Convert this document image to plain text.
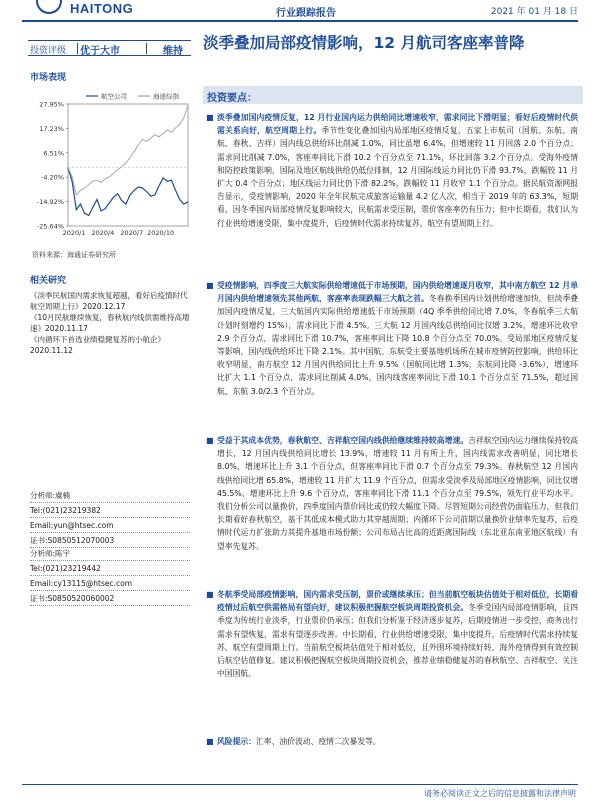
HAITONG	行业跟踪报告	2021 年 01 月 18 日
投资评级 优于大市	维持
市场表现
27.95%
17.23%
6.51%
-4.20%
-14.92%
-25.64%
2020/1 2020/4 2020/7 2020/10
航空公司	海通综指
资料来源：海通证券研究所
相关研究
《淡季民航国内需求恢复超越，看好后疫情时代航空周期上行》2020.12.17
《10月民航继续恢复，春秋航内线供需维持高增速》2020.11.17
《内循环下首选业绩稳健复苏的小航企》2020.11.12
分析师:虞楠
Tel:(021)23219382
Email:yun@htsec.com
证书:S0850512070003
分析师:陈宇
Tel:(021)23219442
Email:cy13115@htsec.com
证书:S0850520060002
淡季叠加局部疫情影响，12 月航司客座率普降
投资要点：
■ 淡季叠加国内疫情反复，12 月行业国内运力供给同比增速收窄，需求同比下滑明显；看好后疫情时代供需关系向好，航空周期上行。季节性变化叠加国内局部地区疫情反复，五家上市航司（国航、东航、南航、春秋、吉祥）国内线总供给环比削减 1.0%，同比虽增 6.4%，但增速较 11 月回落 2.0 个百分点；需求同比削减 7.0%，客座率同比下滑 10.2 个百分点至 71.1%，环比回落 3.2 个百分点。受海外疫情和防控政策影响，国际及地区航线供给仍低位徘徊，12 月国际线运力同比仍下滑 93.7%，跌幅较 11 月扩大 0.4 个百分点；地区线运力同比仍下滑 82.2%，跌幅较 11 月收窄 1.1 个百分点。据民航资源网报告显示，受疫情影响，2020 年全年民航完成旅客运输量 4.2 亿人次，相当于 2019 年的 63.3%，短期看，因冬季国内局部疫情反复影响较大，民航需求受压制，票价客座率仍有压力；但中长期看，我们认为行业供给增速受限，集中度提升，后疫情时代需求持续复苏，航空有望周期上行。
■ 受疫情影响，四季度三大航实际供给增速低于市场预期，国内供给增速逐月收窄，其中南方航空 12 月单月国内供给增速领先其他两航，客座率表现跌幅三大航之首。冬春换季国内计划供给增速加快，但淡季叠加国内疫情反复，三大航国内实际供给增速低于市场预期（4Q 季季供给同比增 7.0%，冬春航季三大航计划时刻增约 15%），需求同比下滑 4.5%。三大航 12 月国内线总供给同比仅增 3.2%，增速环比收窄 2.9 个百分点，需求同比下滑 10.7%，客座率同比下降 10.8 个百分点至 70.0%。受局部地区疫情反复等影响，国内线供给环比下降 2.1%。其中国航、东航受主要基地机场所在城市疫情防控影响，供给环比收窄明显，南方航空 12 月国内供给同比上升 9.5%（国航同比增 1.3%，东航同比降 -3.6%），增速环比扩大 1.1 个百分点，需求同比削减 4.0%，国内线客座率同比下滑 10.1 个百分点至 71.5%，超过国航、东航 3.0/2.3 个百分点。
■ 受益于其成本优势，春秋航空、吉祥航空国内线供给继续维持较高增速。吉祥航空国内运力继续保持较高增长，12 月国内线供给同比增长 13.9%，增速较 11 月有所上升，国内线需求改善明显，同比增长 8.0%，增速环比上升 3.1 个百分点，但客座率同比下滑 0.7 个百分点至 79.3%。春秋航空 12 月国内线供给同比增 65.8%，增速较 11 月扩大 11.9 个百分点，但需求受淡季及局部地区疫情影响，同比仅增 45.5%，增速环比上升 9.6 个百分点，客座率同比下滑 11.1 个百分点至 79.5%，领先行业平均水平。我们分析公司以量换价，四季度国内票价同比或仍较大幅度下降。尽管短期公司经营仍面临压力，但我们长期看好春秋航空，基于其低成本模式助力其穿越周期；内循环下公司前期以量换价业绩率先复苏，后疫情时代运力扩张助力其提升基地市场份额；公司布局占比高的近距离国际线（东北亚东南亚地区航线）有望率先复苏。
■ 冬航季受局部疫情影响，国内需求受压制，票价或继续承压；但当前航空板块估值处于相对低位，长期看疫情过后航空供需格局有望向好，建议积极把握航空板块周期投资机会。冬季受国内局部疫情影响，且四季度为传统行业淡季，行业票价仍承压；但我们分析鉴于经济逐步复苏，后期疫情进一步受控，商务出行需求有望恢复，需求有望逐步改善。中长期看，行业供给增速受限，集中度提升，后疫情时代需求持续复苏，航空有望周期上行。当前航空板块估值处于相对低位，且外围环境持续好转，海外疫情得到有效控制后航空估值修复。建议积极把握航空板块周期投资机会，推荐业绩稳健复苏的春秋航空、吉祥航空、关注中国国航。
■ 风险提示：汇率、油价波动、疫情二次暴发等。
请务必阅读正文之后的信息披露和法律声明
